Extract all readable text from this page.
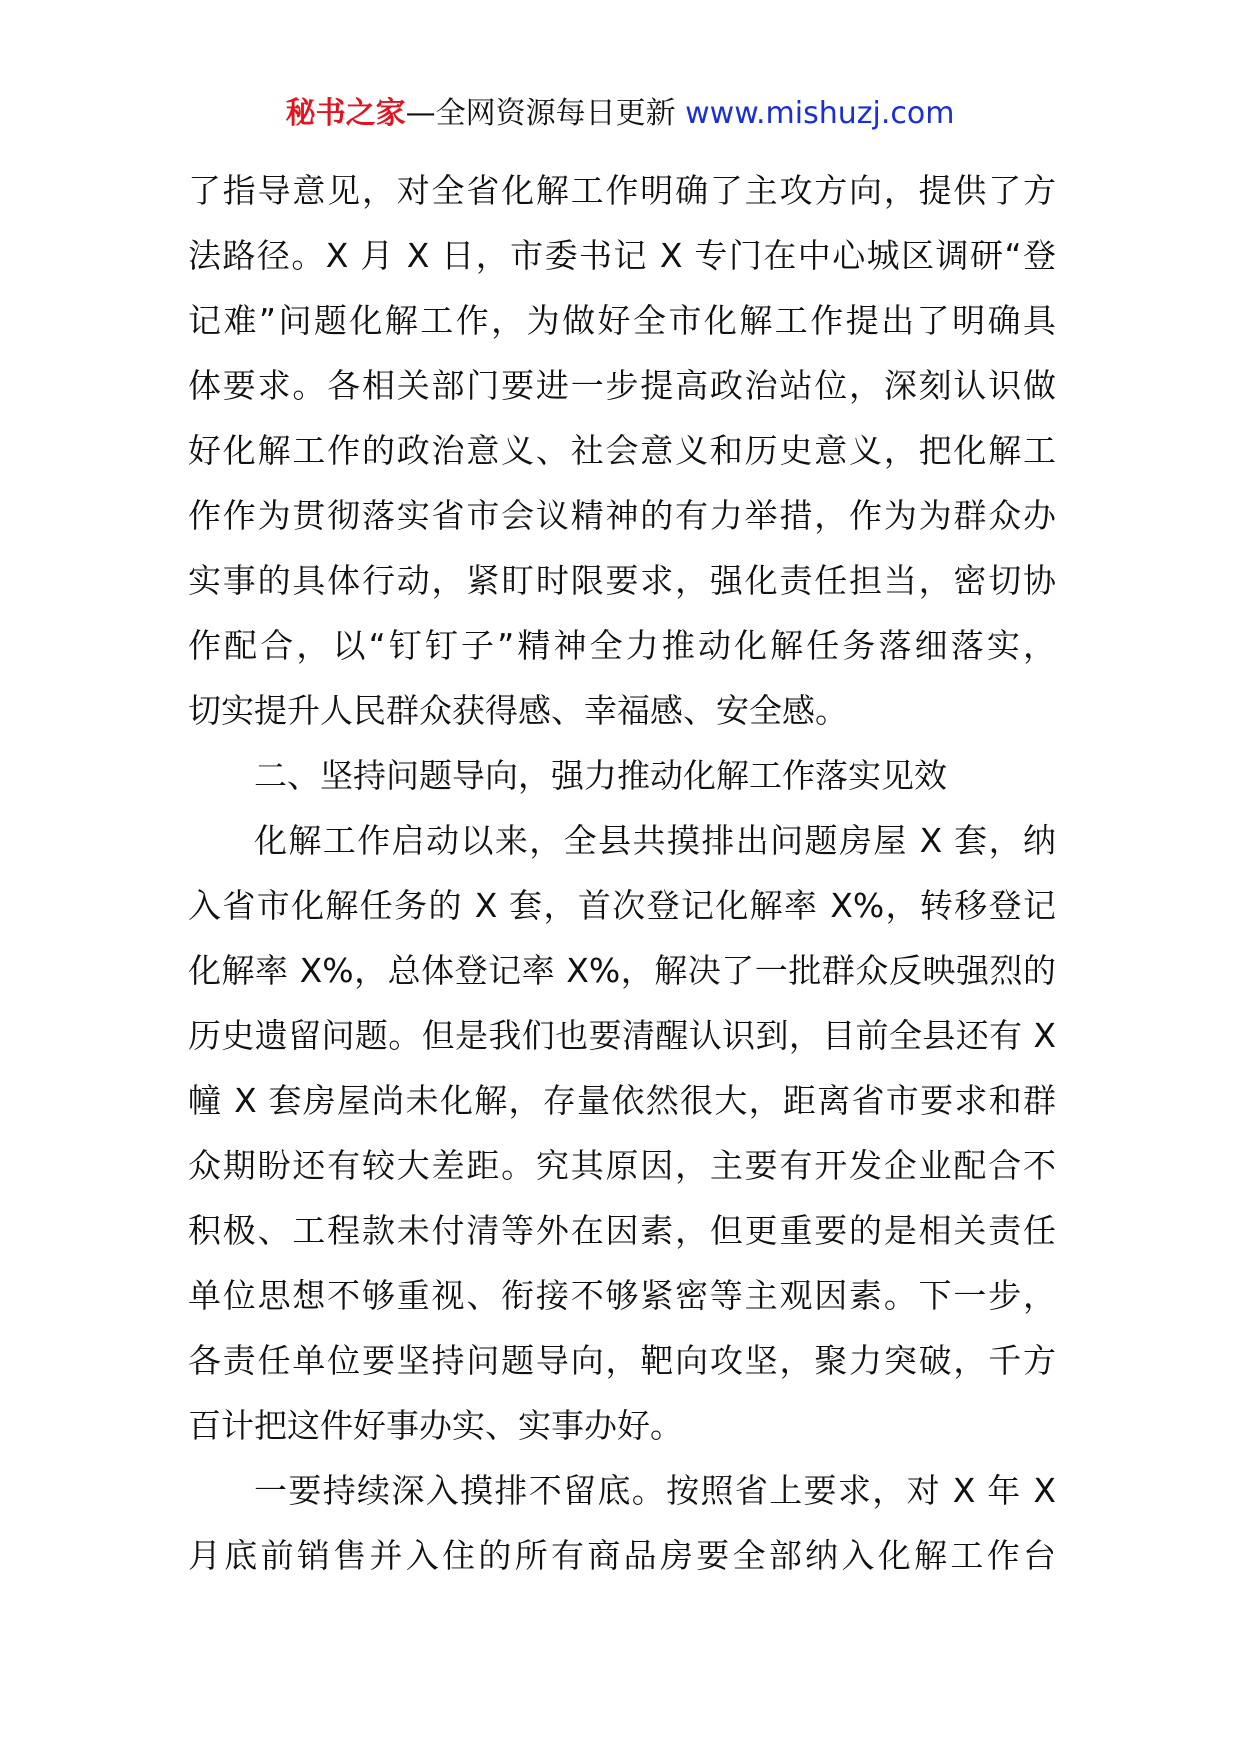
秘书之家—全网资源每日更新 www.mishuzj.com
了指导意见，对全省化解工作明确了主攻方向，提供了方
法路径。X 月 X 日，市委书记 X 专门在中心城区调研“登
记难”问题化解工作，为做好全市化解工作提出了明确具
体要求。各相关部门要进一步提高政治站位，深刻认识做
好化解工作的政治意义、社会意义和历史意义，把化解工
作作为贯彻落实省市会议精神的有力举措，作为为群众办
实事的具体行动，紧盯时限要求，强化责任担当，密切协
作配合，以“钉钉子”精神全力推动化解任务落细落实，
切实提升人民群众获得感、幸福感、安全感。
二、坚持问题导向，强力推动化解工作落实见效
化解工作启动以来，全县共摸排出问题房屋 X 套，纳
入省市化解任务的 X 套，首次登记化解率 X%，转移登记
化解率 X%，总体登记率 X%，解决了一批群众反映强烈的
历史遗留问题。但是我们也要清醒认识到，目前全县还有 X
幢 X 套房屋尚未化解，存量依然很大，距离省市要求和群
众期盼还有较大差距。究其原因，主要有开发企业配合不
积极、工程款未付清等外在因素，但更重要的是相关责任
单位思想不够重视、衔接不够紧密等主观因素。下一步，
各责任单位要坚持问题导向，靶向攻坚，聚力突破，千方
百计把这件好事办实、实事办好。
一要持续深入摸排不留底。按照省上要求，对 X 年 X
月底前销售并入住的所有商品房要全部纳入化解工作台
